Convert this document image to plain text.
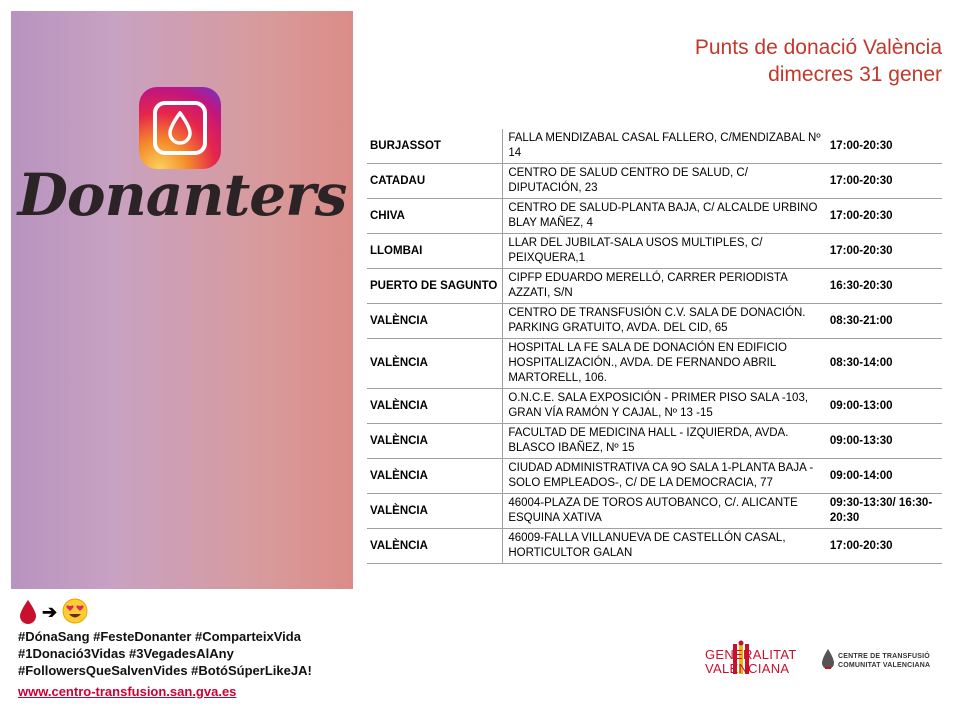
Donanters
➔
#DónaSang #FesteDonanter #ComparteixVida
#1Donació3Vidas #3VegadesAlAny
#FollowersQueSalvenVides #BotóSúperLikeJA!
www.centro-transfusion.san.gva.es
Punts de donació València
dimecres 31 gener
BURJASSOT	FALLA MENDIZABAL CASAL FALLERO, C/MENDIZABAL Nº 14	17:00-20:30
CATADAU	CENTRO DE SALUD CENTRO DE SALUD, C/ DIPUTACIÓN, 23	17:00-20:30
CHIVA	CENTRO DE SALUD-PLANTA BAJA, C/ ALCALDE URBINO BLAY MAÑEZ, 4	17:00-20:30
LLOMBAI	LLAR DEL JUBILAT-SALA USOS MULTIPLES, C/ PEIXQUERA,1	17:00-20:30
PUERTO DE SAGUNTO	CIPFP EDUARDO MERELLÓ, CARRER PERIODISTA AZZATI, S/N	16:30-20:30
VALÈNCIA	CENTRO DE TRANSFUSIÓN C.V. SALA DE DONACIÓN. PARKING GRATUITO, AVDA. DEL CID, 65	08:30-21:00
VALÈNCIA	HOSPITAL LA FE SALA DE DONACIÓN EN EDIFICIO HOSPITALIZACIÓN., AVDA. DE FERNANDO ABRIL MARTORELL, 106.	08:30-14:00
VALÈNCIA	O.N.C.E. SALA EXPOSICIÓN - PRIMER PISO SALA -103, GRAN VÍA RAMÓN Y CAJAL, Nº 13 -15	09:00-13:00
VALÈNCIA	FACULTAD DE MEDICINA HALL - IZQUIERDA, AVDA. BLASCO IBAÑEZ, Nº 15	09:00-13:30
VALÈNCIA	CIUDAD ADMINISTRATIVA CA 9O SALA 1-PLANTA BAJA - SOLO EMPLEADOS-, C/ DE LA DEMOCRACIA, 77	09:00-14:00
VALÈNCIA	46004-PLAZA DE TOROS AUTOBANCO, C/. ALICANTE ESQUINA XATIVA	09:30-13:30/ 16:30-20:30
VALÈNCIA	46009-FALLA VILLANUEVA DE CASTELLÓN CASAL, HORTICULTOR GALAN	17:00-20:30
GENERALITAT
VALENCIANA
CENTRE DE TRANSFUSIÓ
COMUNITAT VALENCIANA
